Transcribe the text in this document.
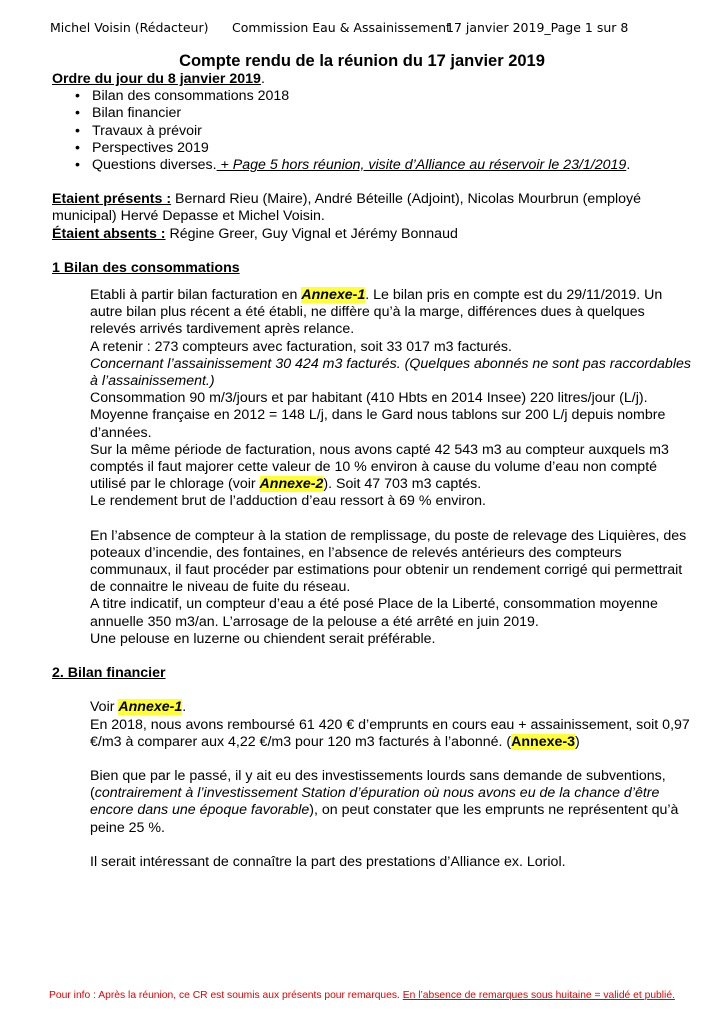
Michel Voisin (Rédacteur) Commission Eau & Assainissement
17 janvier 2019_Page 1 sur 8
Compte rendu de la réunion du 17 janvier 2019

Ordre du jour du 8 janvier 2019.

• Bilan des consommations 2018
• Bilan financier
• Travaux à prévoir
• Perspectives 2019
• Questions diverses. + Page 5 hors réunion, visite d’Alliance au réservoir le 23/1/2019.

Etaient présents : Bernard Rieu (Maire), André Béteille (Adjoint), Nicolas Mourbrun (employé municipal) Hervé Depasse et Michel Voisin.

Étaient absents : Régine Greer, Guy Vignal et Jérémy Bonnaud

1 Bilan des consommations

Etabli à partir bilan facturation en Annexe-1. Le bilan pris en compte est du 29/11/2019. Un autre bilan plus récent a été établi, ne diffère qu’à la marge, différences dues à quelques relevés arrivés tardivement après relance.

A retenir : 273 compteurs avec facturation, soit 33 017 m3 facturés.

Concernant l’assainissement 30 424 m3 facturés. (Quelques abonnés ne sont pas raccordables à l’assainissement.)

Consommation 90 m/3/jours et par habitant (410 Hbts en 2014 Insee) 220 litres/jour (L/j). Moyenne française en 2012 = 148 L/j, dans le Gard nous tablons sur 200 L/j depuis nombre d’années.

Sur la même période de facturation, nous avons capté 42 543 m3 au compteur auxquels m3 comptés il faut majorer cette valeur de 10 % environ à cause du volume d’eau non compté utilisé par le chlorage (voir Annexe-2). Soit 47 703 m3 captés.

Le rendement brut de l’adduction d’eau ressort à 69 % environ.

En l’absence de compteur à la station de remplissage, du poste de relevage des Liquières, des poteaux d’incendie, des fontaines, en l’absence de relevés antérieurs des compteurs communaux, il faut procéder par estimations pour obtenir un rendement corrigé qui permettrait de connaitre le niveau de fuite du réseau.

A titre indicatif, un compteur d’eau a été posé Place de la Liberté, consommation moyenne annuelle 350 m3/an. L’arrosage de la pelouse a été arrêté en juin 2019.

Une pelouse en luzerne ou chiendent serait préférable.

2. Bilan financier

Voir Annexe-1.

En 2018, nous avons remboursé 61 420 € d’emprunts en cours eau + assainissement, soit 0,97 €/m3 à comparer aux 4,22 €/m3 pour 120 m3 facturés à l’abonné. (Annexe-3)

Bien que par le passé, il y ait eu des investissements lourds sans demande de subventions, (contrairement à l’investissement Station d’épuration où nous avons eu de la chance d’être encore dans une époque favorable), on peut constater que les emprunts ne représentent qu’à peine 25 %.

Il serait intéressant de connaître la part des prestations d’Alliance ex. Loriol.

Pour info : Après la réunion, ce CR est soumis aux présents pour remarques. En l’absence de remarques sous huitaine = validé et publié.
